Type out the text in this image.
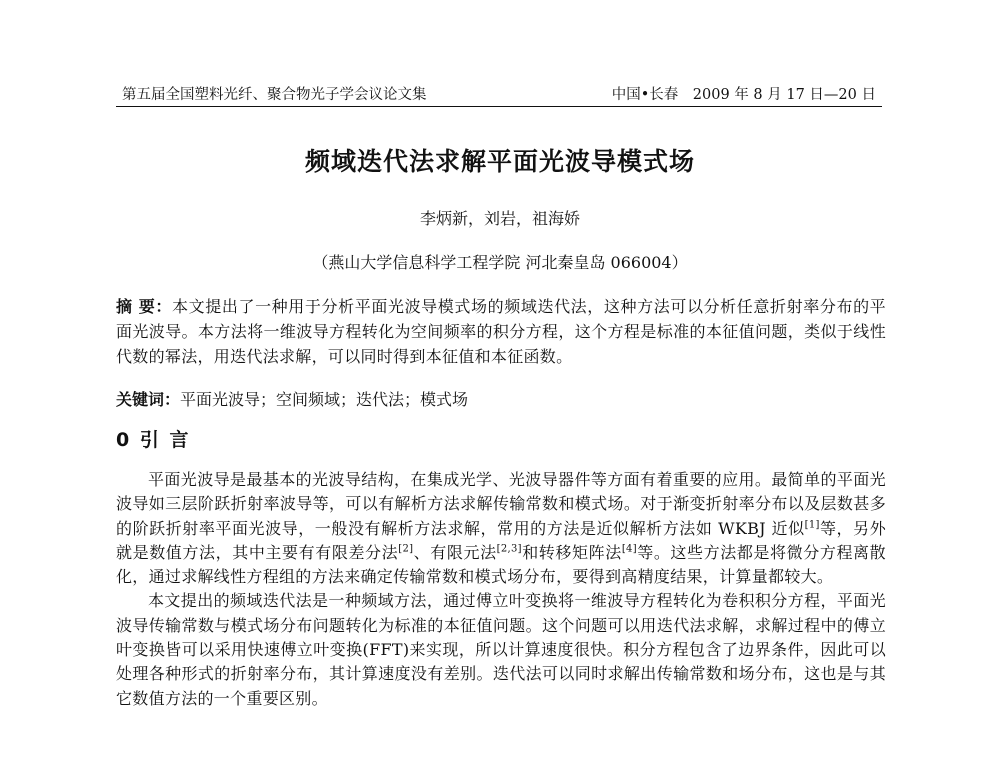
第五届全国塑料光纤、聚合物光子学会议论文集	中国•长春　2009 年 8 月 17 日—20 日
频域迭代法求解平面光波导模式场
李炳新，刘岩，祖海娇
（燕山大学信息科学工程学院 河北秦皇岛 066004）
摘 要：本文提出了一种用于分析平面光波导模式场的频域迭代法，这种方法可以分析任意折射率分布的平面光波导。本方法将一维波导方程转化为空间频率的积分方程，这个方程是标准的本征值问题，类似于线性代数的幂法，用迭代法求解，可以同时得到本征值和本征函数。
关键词：平面光波导；空间频域；迭代法；模式场
0 引 言

平面光波导是最基本的光波导结构，在集成光学、光波导器件等方面有着重要的应用。最简单的平面光波导如三层阶跃折射率波导等，可以有解析方法求解传输常数和模式场。对于渐变折射率分布以及层数甚多的阶跃折射率平面光波导，一般没有解析方法求解，常用的方法是近似解析方法如 WKBJ 近似[1]等，另外就是数值方法，其中主要有有限差分法[2]、有限元法[2,3]和转移矩阵法[4]等。这些方法都是将微分方程离散化，通过求解线性方程组的方法来确定传输常数和模式场分布，要得到高精度结果，计算量都较大。

本文提出的频域迭代法是一种频域方法，通过傅立叶变换将一维波导方程转化为卷积积分方程，平面光波导传输常数与模式场分布问题转化为标准的本征值问题。这个问题可以用迭代法求解，求解过程中的傅立叶变换皆可以采用快速傅立叶变换(FFT)来实现，所以计算速度很快。积分方程包含了边界条件，因此可以处理各种形式的折射率分布，其计算速度没有差别。迭代法可以同时求解出传输常数和场分布，这也是与其它数值方法的一个重要区别。
